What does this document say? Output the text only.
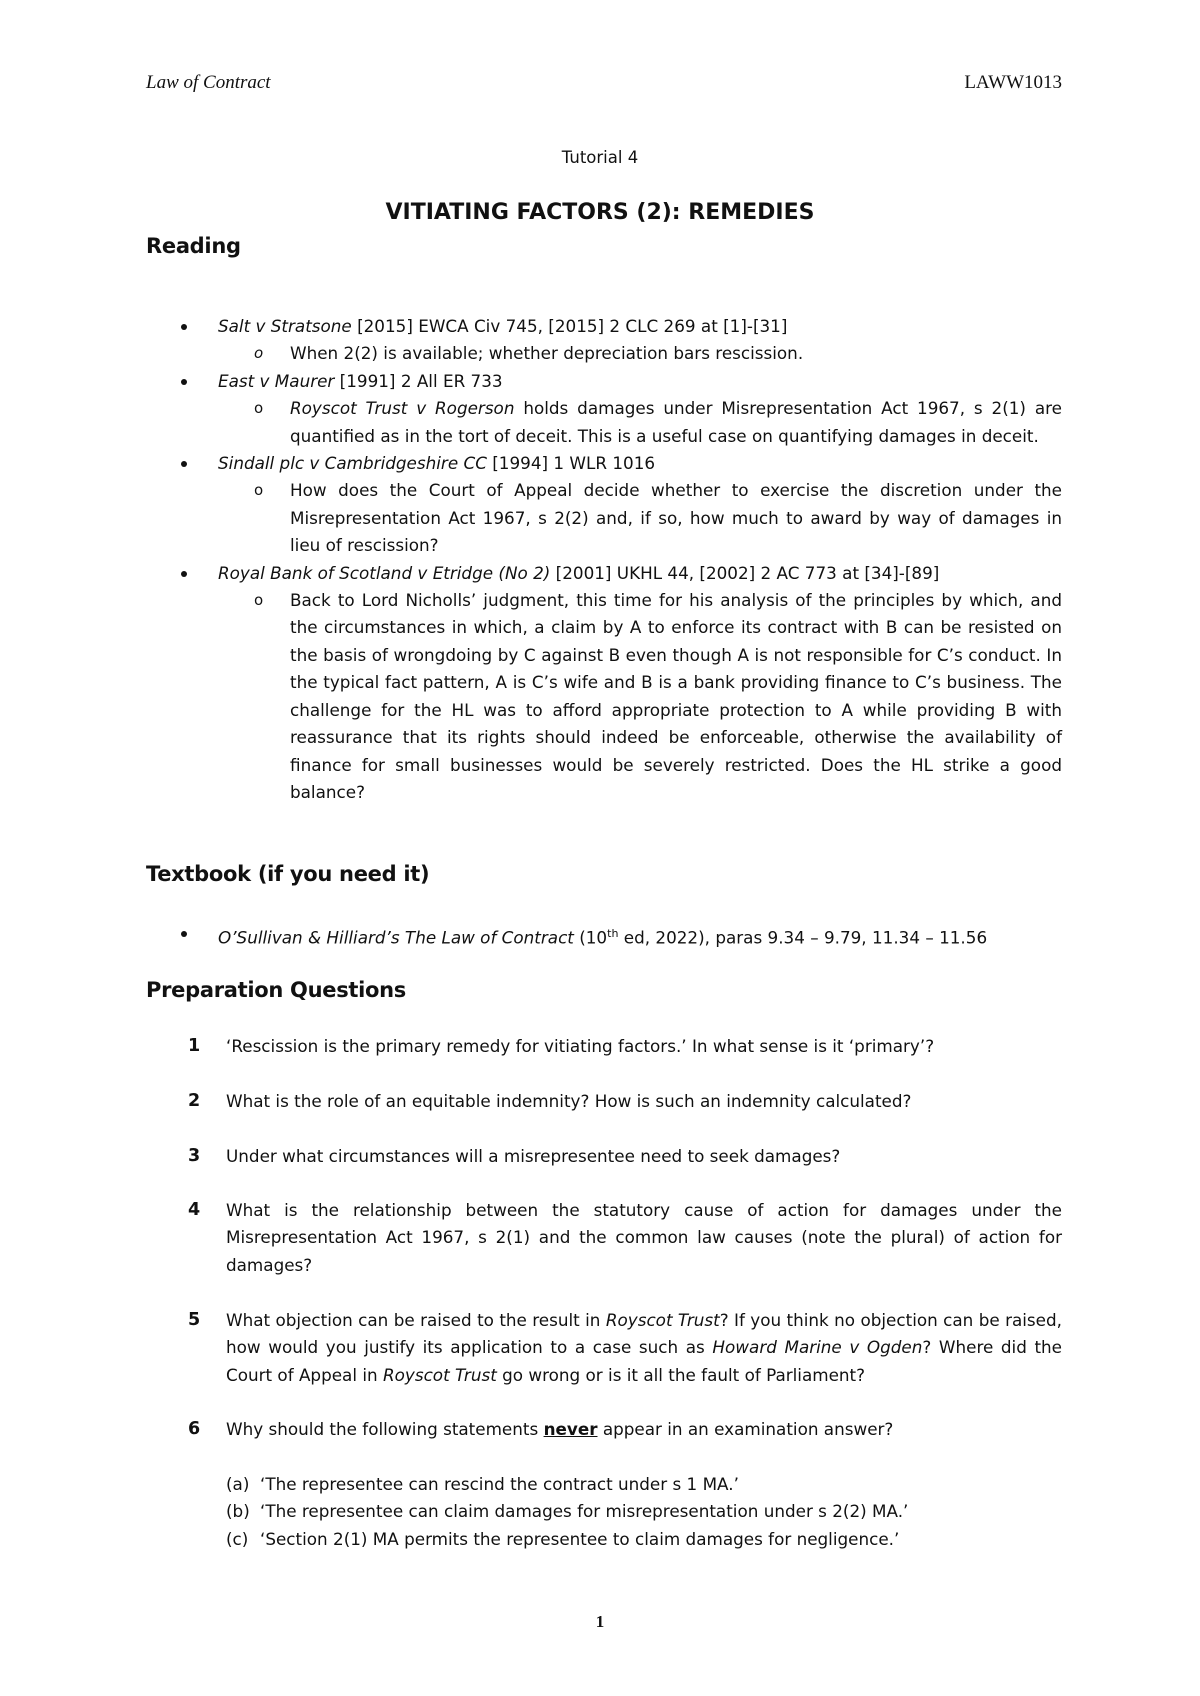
Law of Contract	LAWW1013
Tutorial 4
VITIATING FACTORS (2): REMEDIES
Reading
Salt v Stratsone [2015] EWCA Civ 745, [2015] 2 CLC 269 at [1]-[31]
o When 2(2) is available; whether depreciation bars rescission.
East v Maurer [1991] 2 All ER 733
o Royscot Trust v Rogerson holds damages under Misrepresentation Act 1967, s 2(1) are quantified as in the tort of deceit. This is a useful case on quantifying damages in deceit.
Sindall plc v Cambridgeshire CC [1994] 1 WLR 1016
o How does the Court of Appeal decide whether to exercise the discretion under the Misrepresentation Act 1967, s 2(2) and, if so, how much to award by way of damages in lieu of rescission?
Royal Bank of Scotland v Etridge (No 2) [2001] UKHL 44, [2002] 2 AC 773 at [34]-[89]
o Back to Lord Nicholls’ judgment, this time for his analysis of the principles by which, and the circumstances in which, a claim by A to enforce its contract with B can be resisted on the basis of wrongdoing by C against B even though A is not responsible for C’s conduct. In the typical fact pattern, A is C’s wife and B is a bank providing finance to C’s business. The challenge for the HL was to afford appropriate protection to A while providing B with reassurance that its rights should indeed be enforceable, otherwise the availability of finance for small businesses would be severely restricted. Does the HL strike a good balance?
Textbook (if you need it)
O’Sullivan & Hilliard’s The Law of Contract (10th ed, 2022), paras 9.34 – 9.79, 11.34 – 11.56
Preparation Questions
1 ‘Rescission is the primary remedy for vitiating factors.’ In what sense is it ‘primary’?
2 What is the role of an equitable indemnity? How is such an indemnity calculated?
3 Under what circumstances will a misrepresentee need to seek damages?
4 What is the relationship between the statutory cause of action for damages under the Misrepresentation Act 1967, s 2(1) and the common law causes (note the plural) of action for damages?
5 What objection can be raised to the result in Royscot Trust? If you think no objection can be raised, how would you justify its application to a case such as Howard Marine v Ogden? Where did the Court of Appeal in Royscot Trust go wrong or is it all the fault of Parliament?
6 Why should the following statements never appear in an examination answer?
(a) ‘The representee can rescind the contract under s 1 MA.’
(b) ‘The representee can claim damages for misrepresentation under s 2(2) MA.’
(c) ‘Section 2(1) MA permits the representee to claim damages for negligence.’
1
